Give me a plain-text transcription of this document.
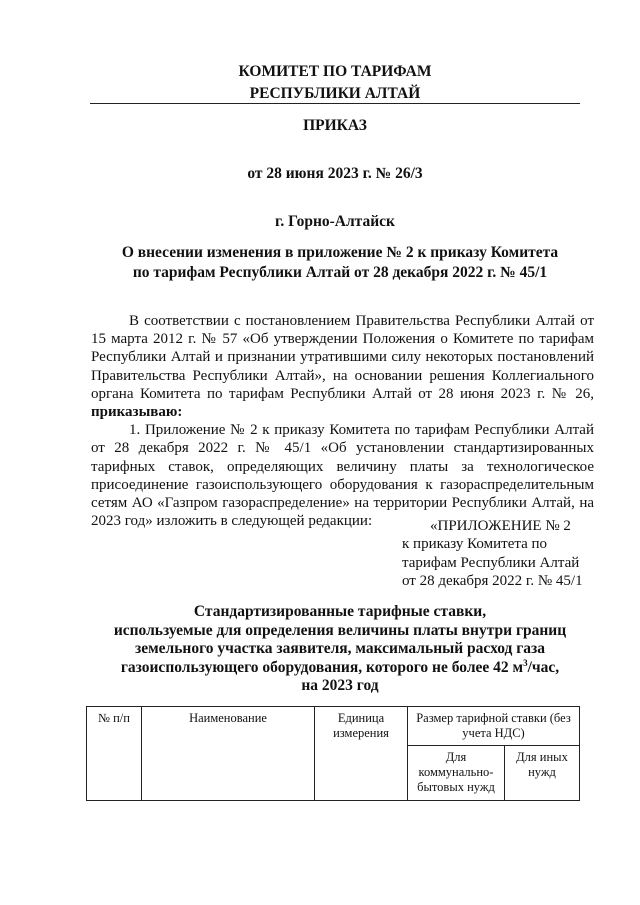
КОМИТЕТ ПО ТАРИФАМ
РЕСПУБЛИКИ АЛТАЙ
ПРИКАЗ
от 28 июня 2023 г. № 26/3
г. Горно-Алтайск
О внесении изменения в приложение № 2 к приказу Комитета
по тарифам Республики Алтай от 28 декабря 2022 г. № 45/1

В соответствии с постановлением Правительства Республики Алтай от 15 марта 2012 г. № 57 «Об утверждении Положения о Комитете по тарифам Республики Алтай и признании утратившими силу некоторых постановлений Правительства Республики Алтай», на основании решения Коллегиального органа Комитета по тарифам Республики Алтай от 28 июня 2023 г. № 26, приказываю:

1. Приложение № 2 к приказу Комитета по тарифам Республики Алтай от 28 декабря 2022 г. № 45/1 «Об установлении стандартизированных тарифных ставок, определяющих величину платы за технологическое присоединение газоиспользующего оборудования к газораспределительным сетям АО «Газпром газораспределение» на территории Республики Алтай, на 2023 год» изложить в следующей редакции:	«ПРИЛОЖЕНИЕ № 2
к приказу Комитета по
тарифам Республики Алтай
от 28 декабря 2022 г. № 45/1
Стандартизированные тарифные ставки,
используемые для определения величины платы внутри границ
земельного участка заявителя, максимальный расход газа
газоиспользующего оборудования, которого не более 42 $м^3$/час,
на 2023 год
№ п/п	Наименование	Единица измерения	Размер тарифной ставки (без учета НДС)	
			Для коммунально-бытовых нужд	Для иных нужд
